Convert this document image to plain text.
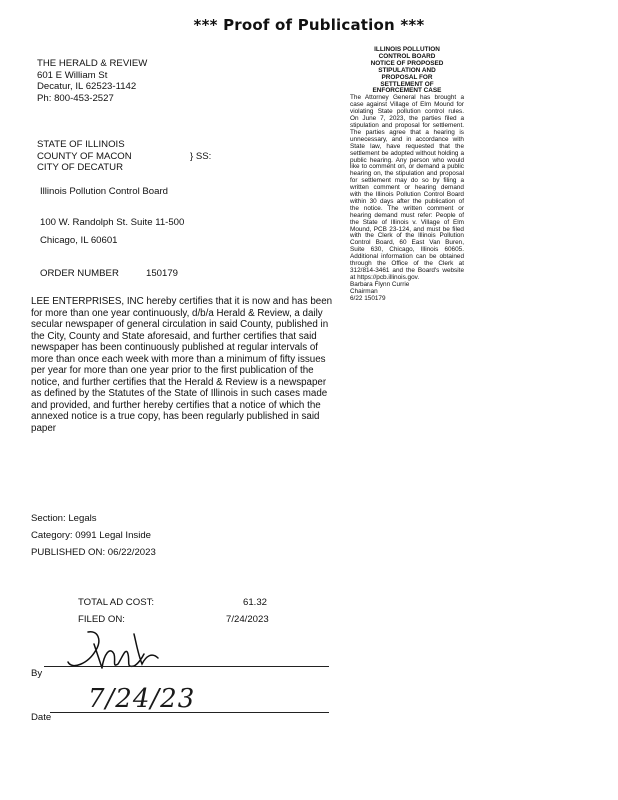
*** Proof of Publication ***
THE HERALD & REVIEW
601 E William St
Decatur, IL 62523-1142
Ph: 800-453-2527
STATE OF ILLINOIS
COUNTY OF MACON
CITY OF DECATUR
} SS:
Illinois Pollution Control Board
100 W. Randolph St. Suite 11-500
Chicago, IL 60601
ORDER NUMBER	150179
LEE ENTERPRISES, INC hereby certifies that it is now and has been
for more than one year continuously, d/b/a Herald & Review, a daily
secular newspaper of general circulation in said County, published in
the City, County and State aforesaid, and further certifies that said
newspaper has been continuously published at regular intervals of
more than once each week with more than a minimum of fifty issues
per year for more than one year prior to the first publication of the
notice, and further certifies that the Herald & Review is a newspaper
as defined by the Statutes of the State of Illinois in such cases made
and provided, and further hereby certifies that a notice of which the
annexed notice is a true copy, has been regularly published in said
paper
Section: Legals
Category: 0991 Legal Inside
PUBLISHED ON: 06/22/2023
TOTAL AD COST:	61.32
FILED ON:	7/24/2023
By
7/24/23
Date
ILLINOIS POLLUTION
CONTROL BOARD
NOTICE OF PROPOSED
STIPULATION AND
PROPOSAL FOR
SETTLEMENT OF
ENFORCEMENT CASE

The Attorney General has brought a case against Village of Elm Mound for violating State pollution control rules. On June 7, 2023, the parties filed a stipulation and proposal for settlement. The parties agree that a hearing is unnecessary, and in accordance with State law, have requested that the settlement be adopted without holding a public hearing. Any person who would like to comment on, or demand a public hearing on, the stipulation and proposal for settlement may do so by filing a written comment or hearing demand with the Illinois Pollution Control Board within 30 days after the publication of the notice. The written comment or hearing demand must refer: People of the State of Illinois v. Village of Elm Mound, PCB 23-124, and must be filed with the Clerk of the Illinois Pollution Control Board, 60 East Van Buren, Suite 630, Chicago, Illinois 60605. Additional information can be obtained through the Office of the Clerk at 312/814-3461 and the Board's website at https://pcb.illinois.gov.

Barbara Flynn Currie
Chairman
6/22 150179
